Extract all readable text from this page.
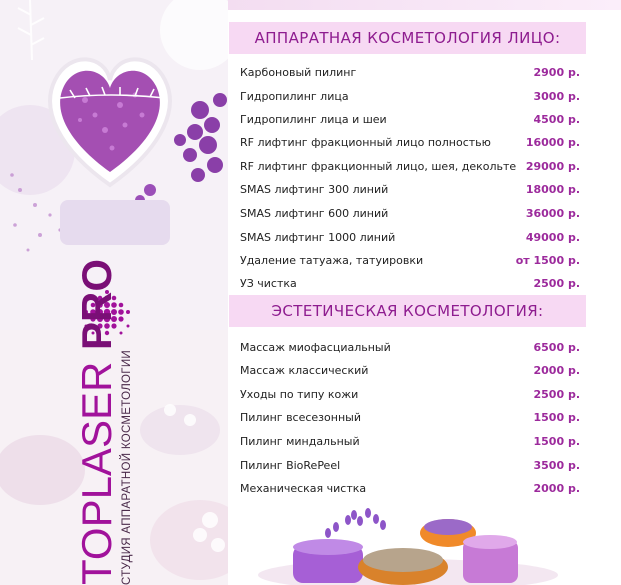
TOPLASER PRO
СТУДИЯ АППАРАТНОЙ КОСМЕТОЛОГИИ
АППАРАТНАЯ КОСМЕТОЛОГИЯ ЛИЦО:
Карбоновый пилинг	2900 р.
Гидропилинг лица	3000 р.
Гидропилинг лица и шеи	4500 р.
RF лифтинг фракционный лицо полностью	16000 р.
RF лифтинг фракционный лицо, шея, декольте 29000 р.
SMAS лифтинг 300 линий	18000 р.
SMAS лифтинг 600 линий	36000 р.
SMAS лифтинг 1000 линий	49000 р.
Удаление татуажа, татуировки	от 1500 р.
УЗ чистка	2500 р.
ЭСТЕТИЧЕСКАЯ КОСМЕТОЛОГИЯ:
Массаж миофасциальный	6500 р.
Массаж классический	2000 р.
Уходы по типу кожи	2500 р.
Пилинг всесезонный	1500 р.
Пилинг миндальный	1500 р.
Пилинг BioRePeel	3500 р.
Механическая чистка	2000 р.
